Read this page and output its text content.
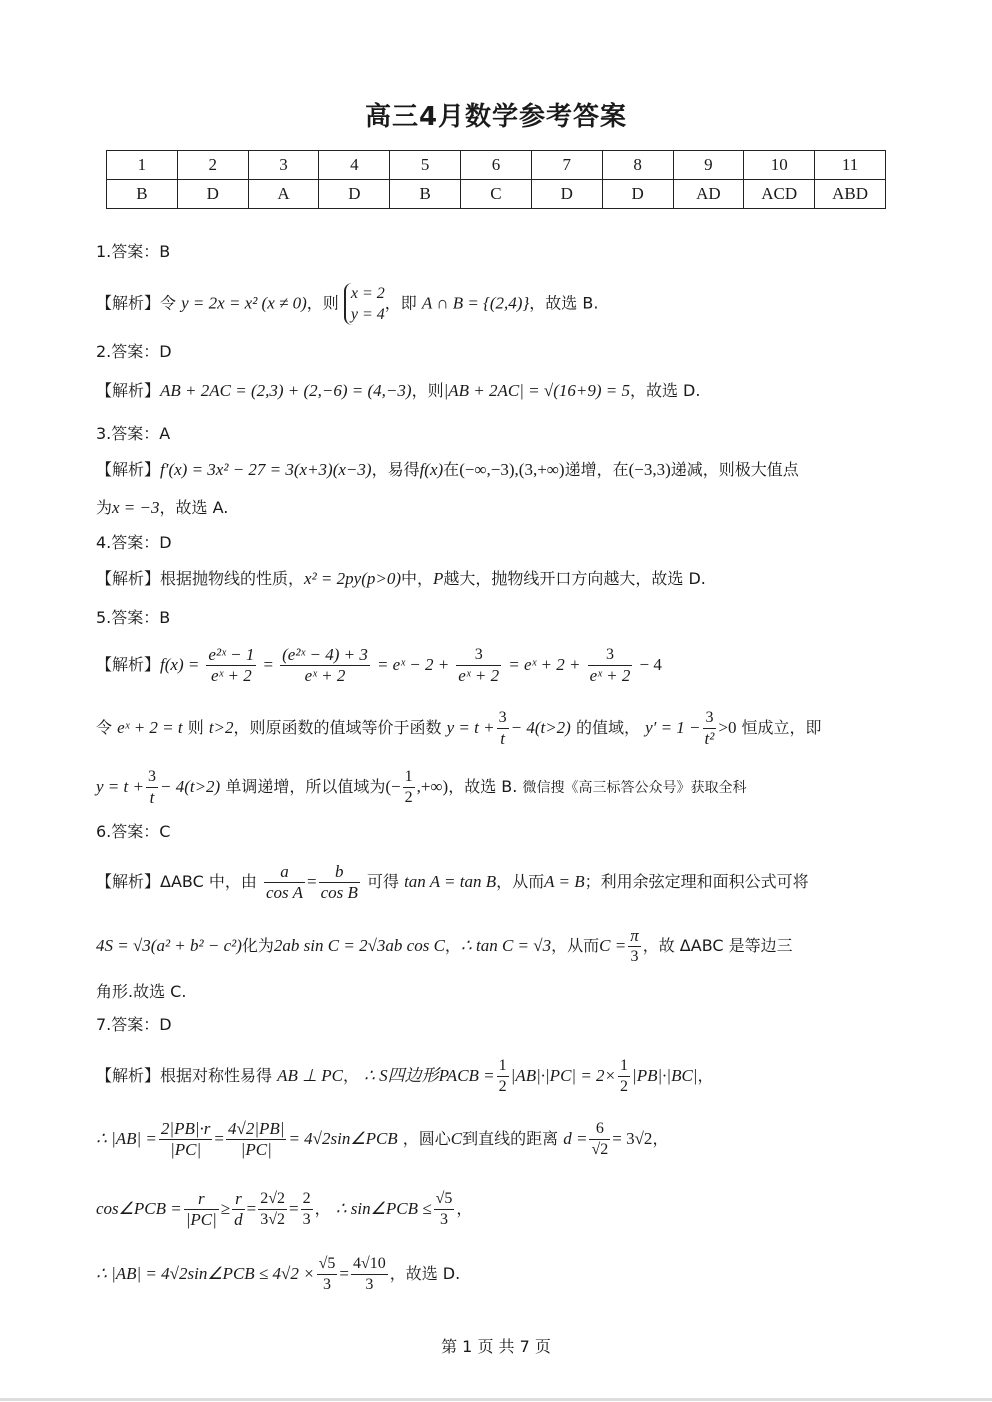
高三4月数学参考答案
1	2	3	4	5	6	7	8	9	10	11
B	D	A	D	B	C	D	D	AD	ACD	ABD
1.答案：B
【解析】令 y = 2x = x² (x ≠ 0)，则 x = 2
y = 4
，即 A ∩ B = {(2,4)}，故选 B.
2.答案：D
【解析】AB + 2AC = (2,3) + (2,−6) = (4,−3)，则|AB + 2AC| = √(16+9) = 5，故选 D.
3.答案：A
【解析】f′(x) = 3x² − 27 = 3(x+3)(x−3)，易得f(x)在(−∞,−3),(3,+∞)递增，在(−3,3)递减，则极大值点
为x = −3，故选 A.
4.答案：D
【解析】根据抛物线的性质，x² = 2py(p>0)中，P越大，抛物线开口方向越大，故选 D.
5.答案：B
【解析】$f(x) = \frac{\text{e²ˣ − 1}}{\text{eˣ + 2}} = \frac{\text{(e²ˣ − 4) + 3}}{\text{eˣ + 2}}$ = eˣ − $2 + \frac{3}{\text{eˣ + 2}}$ = eˣ + $2 + \frac{3}{\text{eˣ + 2}} - 4$
令 eˣ + 2 = t 则 t>2，则原函数的值域等价于函数 $y = t + \frac{3}{t} - 4(t>2)$ 的值域， $y' = 1 - \frac{3}{\text{t²}} >0$ 恒成立，即
$y = t + \frac{3}{t} - 4(t>2)$ 单调递增，所以值域为(− $\frac{1}{2}$ ,+∞)，故选 B. 微信搜《高三标答公众号》获取全科
6.答案：C
【解析】ΔABC 中，由 $\frac{a}{\text{cos A}} = \frac{b}{\text{cos B}}$ 可得 tan A = tan B，从而A = B；利用余弦定理和面积公式可将
4S = √3(a² + b² − c²)化为2ab sin C = 2√3ab cos C，∴ tan C = √3，从而$C = \frac{\pi}{3}$ ，故 ΔABC 是等边三
角形.故选 C.
7.答案：D
【解析】根据对称性易得 AB ⊥ PC， ∴ S四边形PACB = $\frac{1}{2} |AB|\cdot|PC| = 2\times \frac{1}{2} |PB|\cdot|BC|$，
∴ $|AB| = \frac{2|PB|\cdot r}{|PC|} = \frac{4√2|PB|}{|PC|}$ = 4√2sin∠PCB ，圆心C到直线的距离 $d = \frac{6}{√2} = 3√2$，
cos∠PCB = $\frac{r}{|PC|} \ge \frac{r}{d} = \frac{2√2}{3√2} = \frac{2}{3}$ ， ∴ sin∠PCB ≤ $\frac{√5}{3}$ ，
∴ |AB| = 4√2sin∠PCB ≤ $4√2 \times \frac{√5}{3} = \frac{4√10}{3}$ ，故选 D.
第 1 页 共 7 页
